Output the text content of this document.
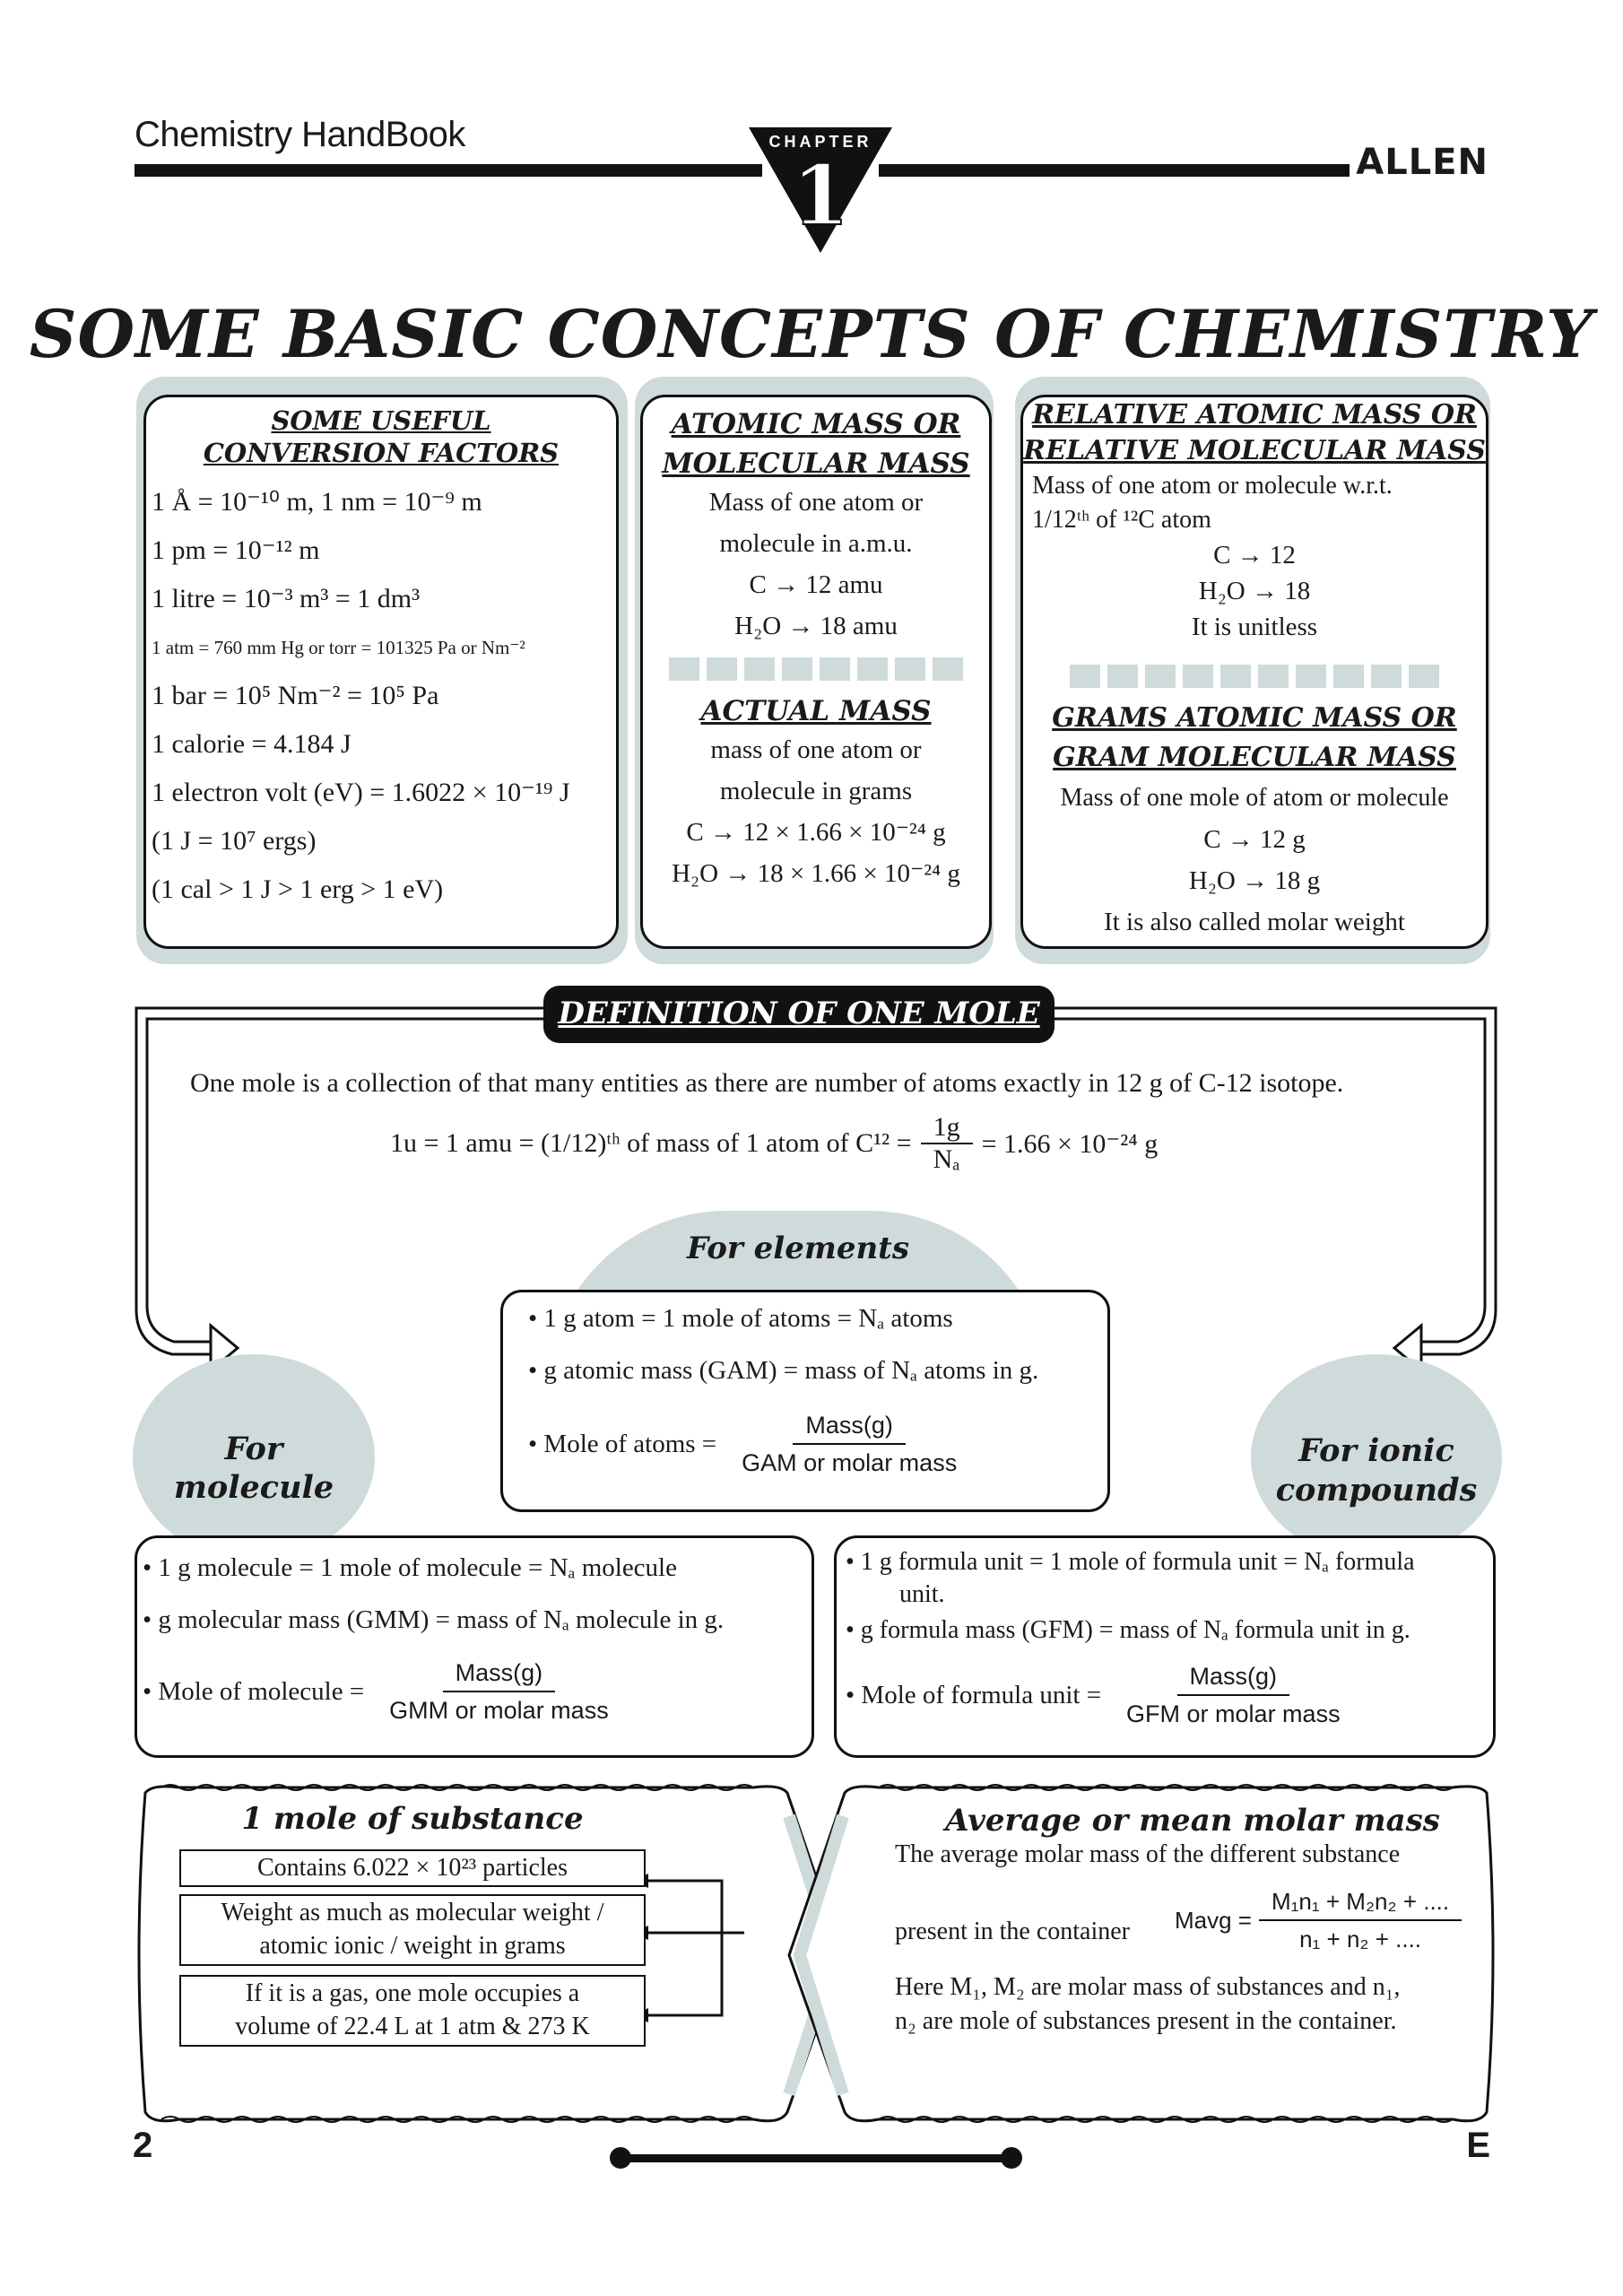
Chemistry HandBook
ALLEN
CHAPTER
1
SOME BASIC CONCEPTS OF CHEMISTRY
SOME USEFUL
CONVERSION FACTORS
1 Å = 10⁻¹⁰ m, 1 nm = 10⁻⁹ m
1 pm = 10⁻¹² m
1 litre = 10⁻³ m³ = 1 dm³
1 atm = 760 mm Hg or torr = 101325 Pa or Nm⁻²
1 bar = 10⁵ Nm⁻² = 10⁵ Pa
1 calorie = 4.184 J
1 electron volt (eV) = 1.6022 × 10⁻¹⁹ J
(1 J = 10⁷ ergs)
(1 cal > 1 J > 1 erg > 1 eV)
ATOMIC MASS OR
MOLECULAR MASS
Mass of one atom or
molecule in a.m.u.
C → 12 amu
H₂O → 18 amu
ACTUAL MASS
mass of one atom or
molecule in grams
C → 12 × 1.66 × 10⁻²⁴ g
H₂O → 18 × 1.66 × 10⁻²⁴ g
RELATIVE ATOMIC MASS OR
RELATIVE MOLECULAR MASS
Mass of one atom or molecule w.r.t.
1/12ᵗʰ of ¹²C atom
C → 12
H₂O → 18
It is unitless
GRAMS ATOMIC MASS OR
GRAM MOLECULAR MASS
Mass of one mole of atom or molecule
C → 12 g
H₂O → 18 g
It is also called molar weight
DEFINITION OF ONE MOLE
One mole is a collection of that many entities as there are number of atoms exactly in 12 g of C-12 isotope.
1u = 1 amu = (1/12)ᵗʰ of mass of 1 atom of $C^{12} = \frac{1g}{\text{Nₐ}} = 1.66 \times 10^{-24}$ g
For elements
• 1 g atom = 1 mole of atoms = Nₐ atoms
• g atomic mass (GAM) = mass of Nₐ atoms in g.
• Mole of atoms = $\frac{\text{Mass(g)}}{\text{GAM or molar mass}}$
For
molecule
For ionic
compounds
• 1 g molecule = 1 mole of molecule = Nₐ molecule
• g molecular mass (GMM) = mass of Nₐ molecule in g.
• Mole of molecule = $\frac{\text{Mass(g)}}{\text{GMM or molar mass}}$
• 1 g formula unit = 1 mole of formula unit = Nₐ formula
unit.
• g formula mass (GFM) = mass of Nₐ formula unit in g.
• Mole of formula unit = $\frac{\text{Mass(g)}}{\text{GFM or molar mass}}$
1 mole of substance
Contains 6.022 × 10²³ particles
Weight as much as molecular weight /
atomic ionic / weight in grams
If it is a gas, one mole occupies a
volume of 22.4 L at 1 atm & 273 K
Average or mean molar mass
The average molar mass of the different substance
present in the container Mavg = $\frac{\text{M₁n₁ + M₂n₂ + ....}}{\text{n₁ + n₂ + ....}}$
Here M₁, M₂ are molar mass of substances and n₁,
n₂ are mole of substances present in the container.
2	E
